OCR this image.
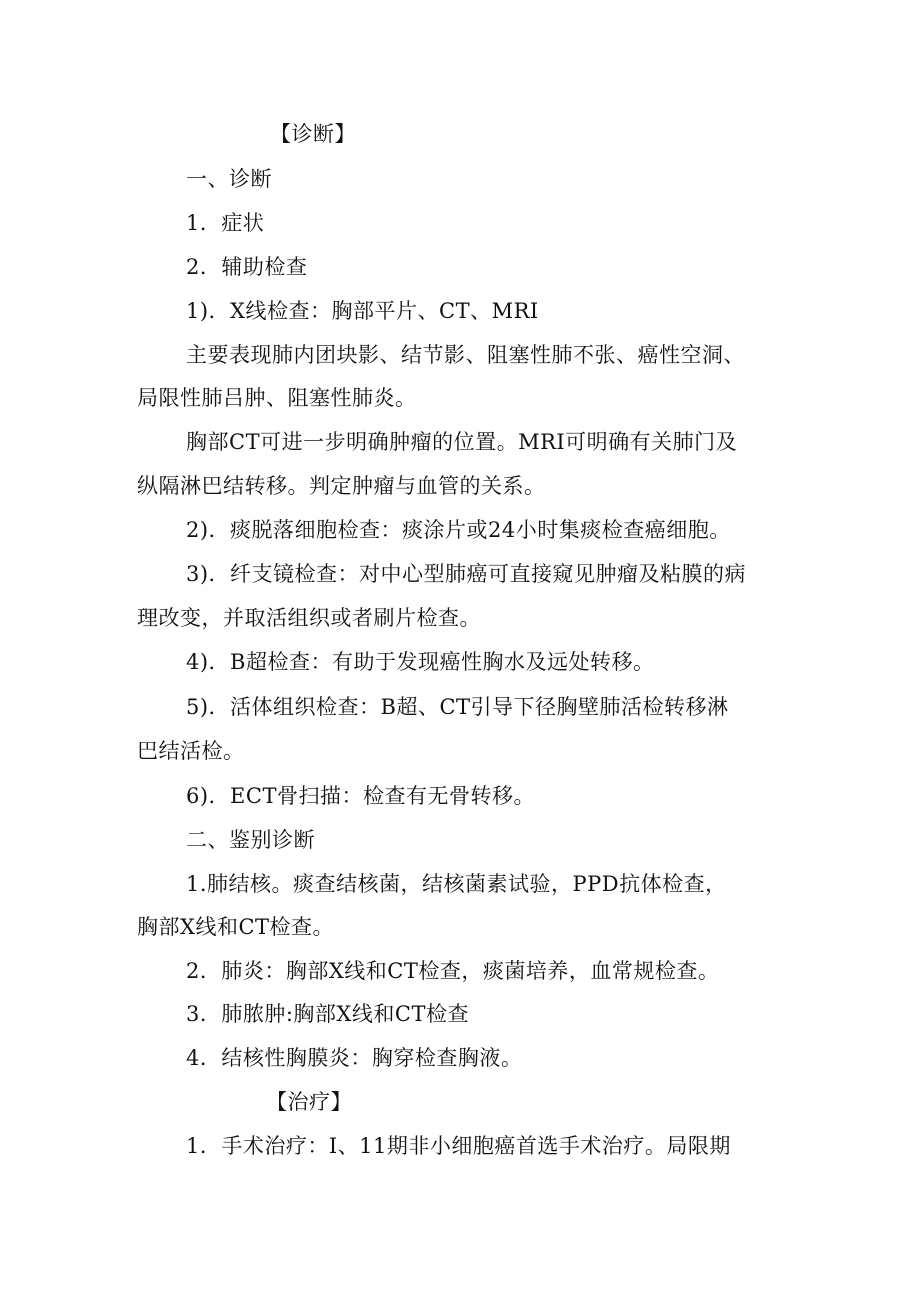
【诊断】
一、诊断
1．症状
2．辅助检查
1)．X线检查：胸部平片、CT、MRI
主要表现肺内团块影、结节影、阻塞性肺不张、癌性空洞、
局限性肺吕肿、阻塞性肺炎。
胸部CT可进一步明确肿瘤的位置。MRI可明确有关肺门及
纵隔淋巴结转移。判定肿瘤与血管的关系。
2)．痰脱落细胞检查：痰涂片或24小时集痰检查癌细胞。
3)．纤支镜检查：对中心型肺癌可直接窥见肿瘤及粘膜的病
理改变，并取活组织或者刷片检查。
4)．B超检查：有助于发现癌性胸水及远处转移。
5)．活体组织检查：B超、CT引导下径胸壁肺活检转移淋
巴结活检。
6)．ECT骨扫描：检查有无骨转移。
二、鉴别诊断
1.肺结核。痰查结核菌，结核菌素试验，PPD抗体检查，
胸部X线和CT检查。
2．肺炎：胸部X线和CT检查，痰菌培养，血常规检查。
3．肺脓肿:胸部X线和CT检查
4．结核性胸膜炎：胸穿检查胸液。
【治疗】
1．手术治疗：I、11期非小细胞癌首选手术治疗。局限期
